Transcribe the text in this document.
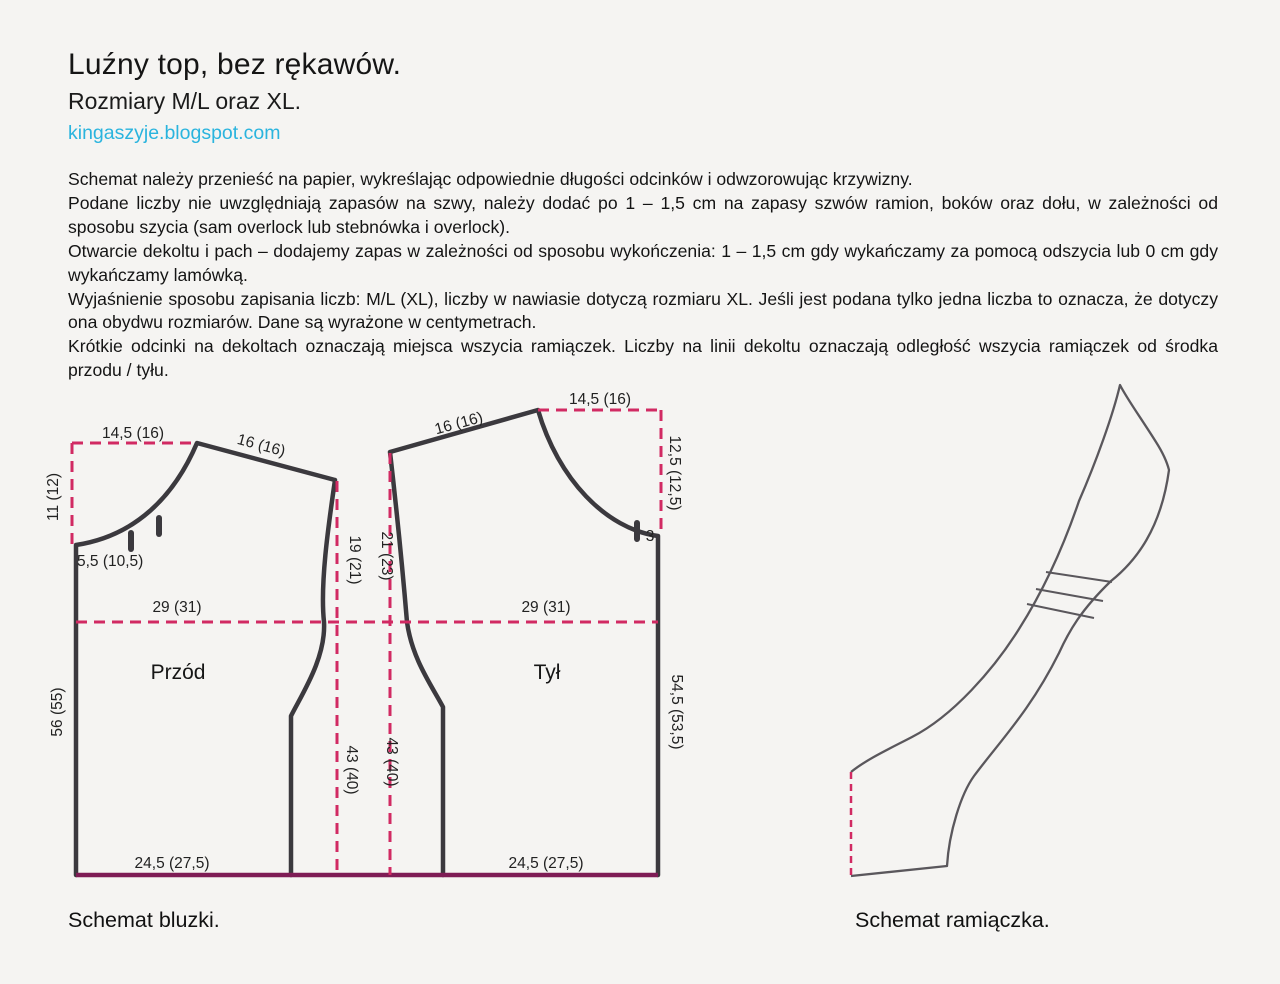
Luźny top, bez rękawów.
Rozmiary M/L oraz XL.
kingaszyje.blogspot.com

Schemat należy przenieść na papier, wykreślając odpowiednie długości odcinków i odwzorowując krzywizny.

Podane liczby nie uwzględniają zapasów na szwy, należy dodać po 1 – 1,5 cm na zapasy szwów ramion, boków oraz dołu, w zależności od sposobu szycia (sam overlock lub stebnówka i overlock).

Otwarcie dekoltu i pach – dodajemy zapas w zależności od sposobu wykończenia: 1 – 1,5 cm gdy wykańczamy za pomocą odszycia lub 0 cm gdy wykańczamy lamówką.

Wyjaśnienie sposobu zapisania liczb: M/L (XL), liczby w nawiasie dotyczą rozmiaru XL. Jeśli jest podana tylko jedna liczba to oznacza, że dotyczy ona obydwu rozmiarów. Dane są wyrażone w centymetrach.

Krótkie odcinki na dekoltach oznaczają miejsca wszycia ramiączek. Liczby na linii dekoltu oznaczają odległość wszycia ramiączek od środka przodu / tyłu.

14,5 (16)	16 (16)
11 (12)
5,5 (10,5)	19 (21)
29 (31)
56 (55)
43 (40)
24,5 (27,5)
Przód
16 (16)
14,5 (16)
12,5 (12,5)
3
21 (23)
29 (31)
54,5 (53,5)
43 (40)
24,5 (27,5)
Tył
Schemat bluzki.	Schemat ramiączka.
